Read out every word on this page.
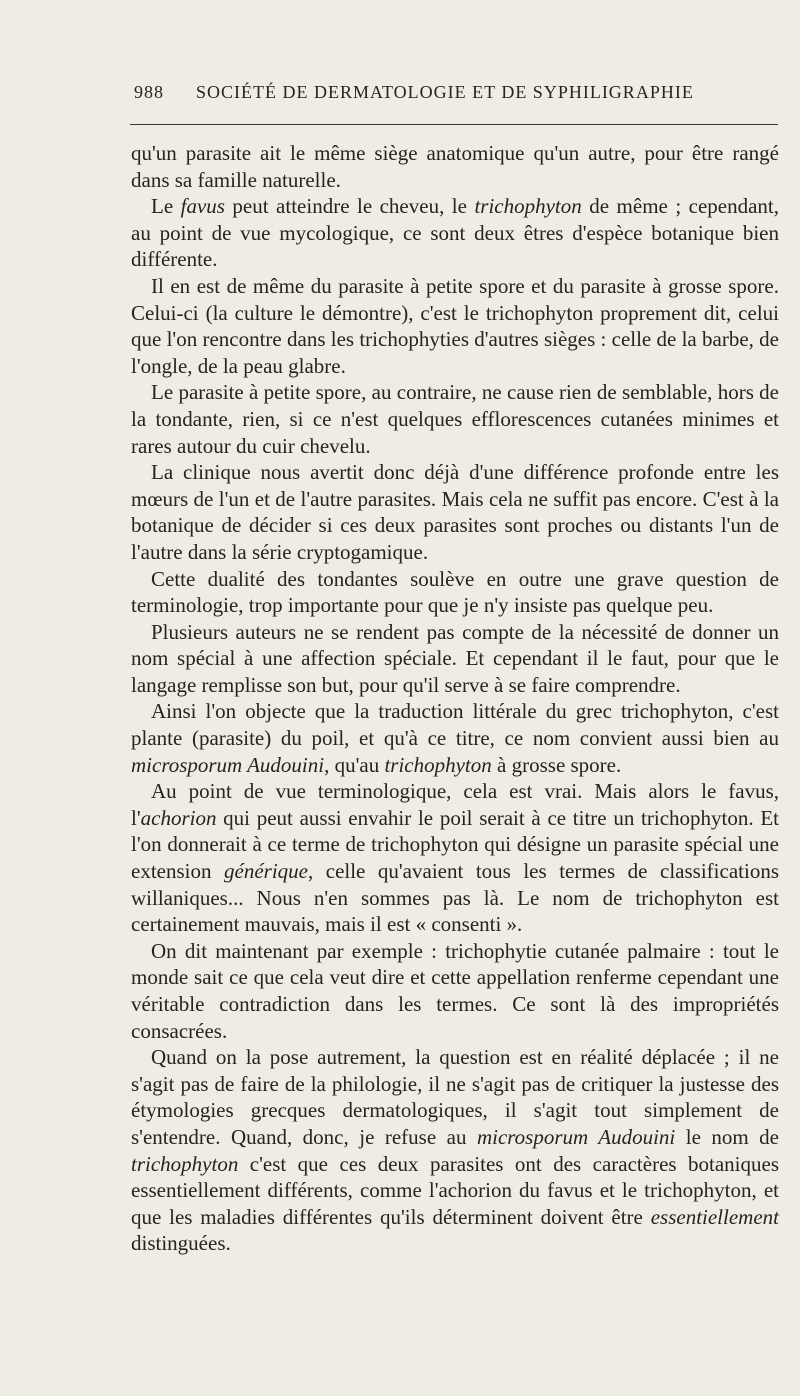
988 SOCIÉTÉ DE DERMATOLOGIE ET DE SYPHILIGRAPHIE

qu'un parasite ait le même siège anatomique qu'un autre, pour être rangé dans sa famille naturelle.

Le favus peut atteindre le cheveu, le trichophyton de même ; cependant, au point de vue mycologique, ce sont deux êtres d'espèce botanique bien différente.

Il en est de même du parasite à petite spore et du parasite à grosse spore. Celui-ci (la culture le démontre), c'est le trichophyton proprement dit, celui que l'on rencontre dans les trichophyties d'autres sièges : celle de la barbe, de l'ongle, de la peau glabre.

Le parasite à petite spore, au contraire, ne cause rien de semblable, hors de la tondante, rien, si ce n'est quelques efflorescences cutanées minimes et rares autour du cuir chevelu.

La clinique nous avertit donc déjà d'une différence profonde entre les mœurs de l'un et de l'autre parasites. Mais cela ne suffit pas encore. C'est à la botanique de décider si ces deux parasites sont proches ou distants l'un de l'autre dans la série cryptogamique.

Cette dualité des tondantes soulève en outre une grave question de terminologie, trop importante pour que je n'y insiste pas quelque peu.

Plusieurs auteurs ne se rendent pas compte de la nécessité de donner un nom spécial à une affection spéciale. Et cependant il le faut, pour que le langage remplisse son but, pour qu'il serve à se faire comprendre.

Ainsi l'on objecte que la traduction littérale du grec trichophyton, c'est plante (parasite) du poil, et qu'à ce titre, ce nom convient aussi bien au microsporum Audouini, qu'au trichophyton à grosse spore.

Au point de vue terminologique, cela est vrai. Mais alors le favus, l'achorion qui peut aussi envahir le poil serait à ce titre un trichophyton. Et l'on donnerait à ce terme de trichophyton qui désigne un parasite spécial une extension générique, celle qu'avaient tous les termes de classifications willaniques... Nous n'en sommes pas là. Le nom de trichophyton est certainement mauvais, mais il est « consenti ».

On dit maintenant par exemple : trichophytie cutanée palmaire : tout le monde sait ce que cela veut dire et cette appellation renferme cependant une véritable contradiction dans les termes. Ce sont là des impropriétés consacrées.

Quand on la pose autrement, la question est en réalité déplacée ; il ne s'agit pas de faire de la philologie, il ne s'agit pas de critiquer la justesse des étymologies grecques dermatologiques, il s'agit tout simplement de s'entendre. Quand, donc, je refuse au microsporum Audouini le nom de trichophyton c'est que ces deux parasites ont des caractères botaniques essentiellement différents, comme l'achorion du favus et le trichophyton, et que les maladies différentes qu'ils déterminent doivent être essentiellement distinguées.
